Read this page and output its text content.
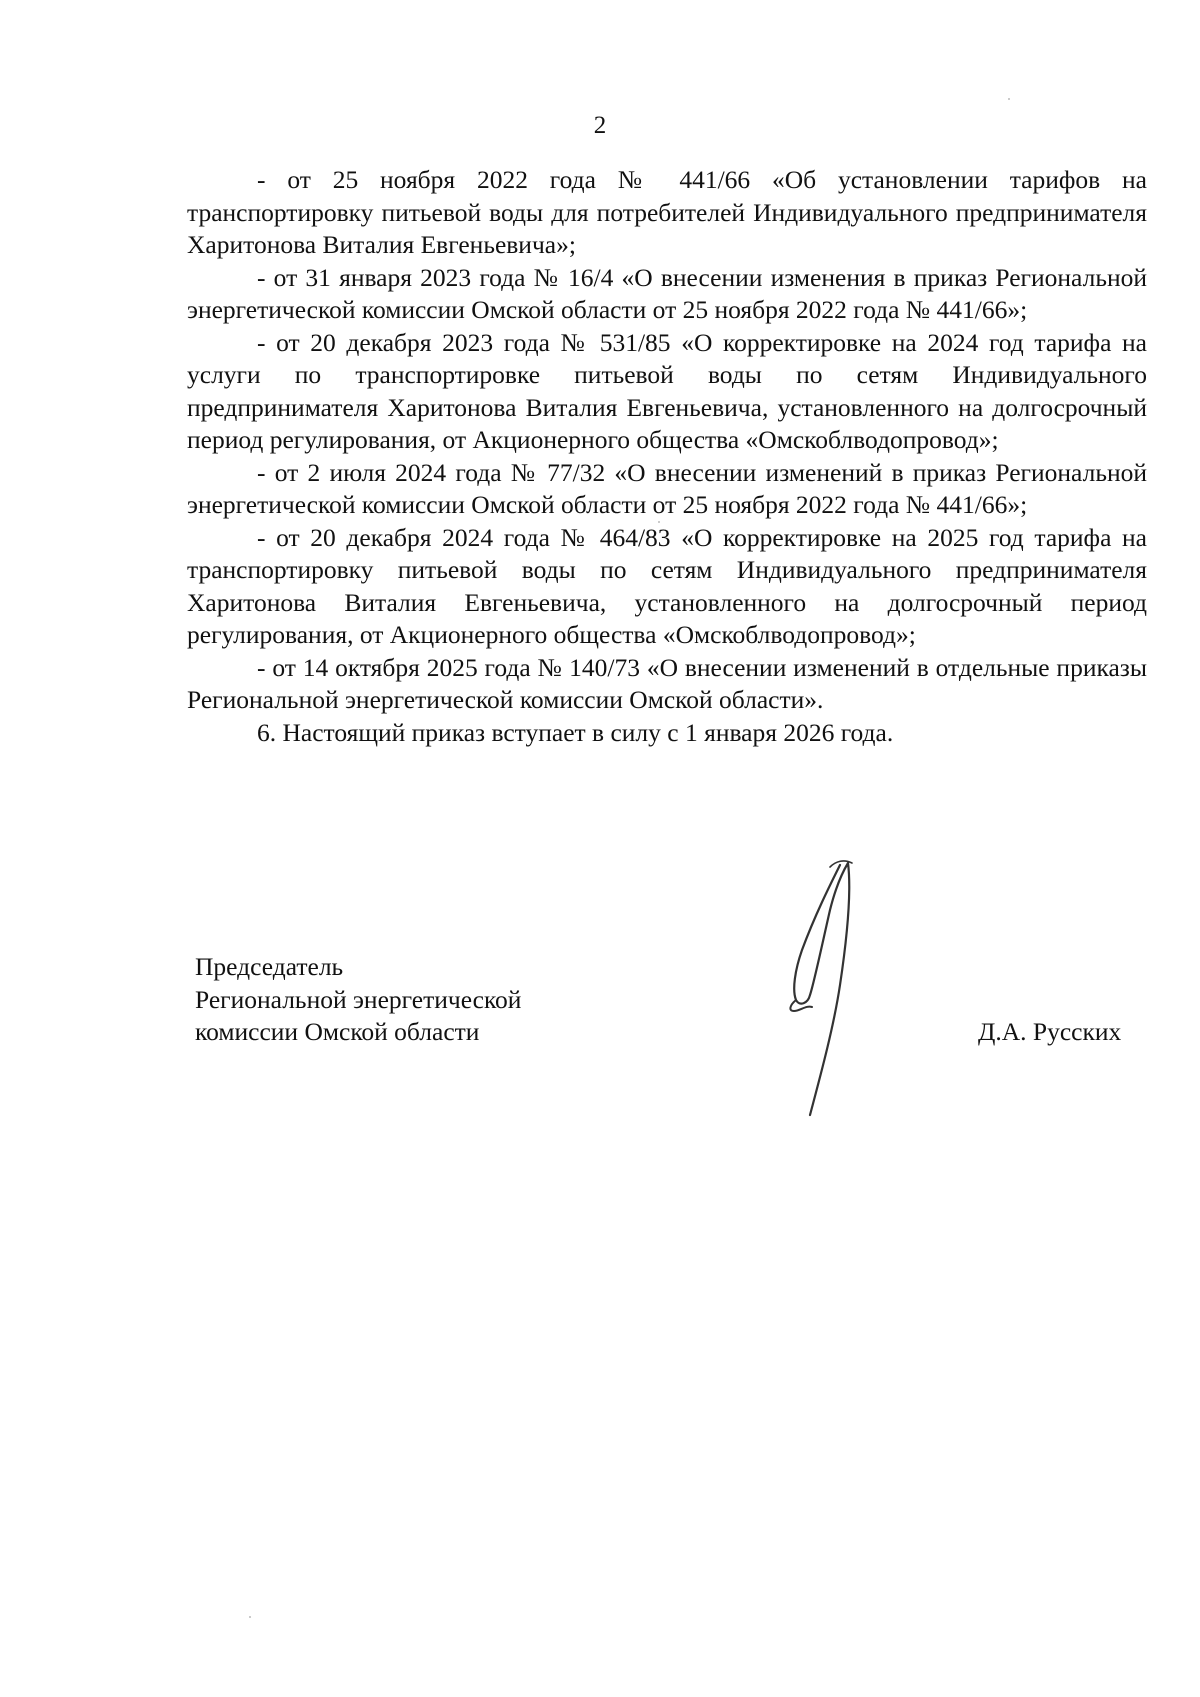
2

- от 25 ноября 2022 года № 441/66 «Об установлении тарифов на транспортировку питьевой воды для потребителей Индивидуального предпринимателя Харитонова Виталия Евгеньевича»;

- от 31 января 2023 года № 16/4 «О внесении изменения в приказ Региональной энергетической комиссии Омской области от 25 ноября 2022 года № 441/66»;

- от 20 декабря 2023 года № 531/85 «О корректировке на 2024 год тарифа на услуги по транспортировке питьевой воды по сетям Индивидуального предпринимателя Харитонова Виталия Евгеньевича, установленного на долгосрочный период регулирования, от Акционерного общества «Омскоблводопровод»;

- от 2 июля 2024 года № 77/32 «О внесении изменений в приказ Региональной энергетической комиссии Омской области от 25 ноября 2022 года № 441/66»;

- от 20 декабря 2024 года № 464/83 «О корректировке на 2025 год тарифа на транспортировку питьевой воды по сетям Индивидуального предпринимателя Харитонова Виталия Евгеньевича, установленного на долгосрочный период регулирования, от Акционерного общества «Омскоблводопровод»;

- от 14 октября 2025 года № 140/73 «О внесении изменений в отдельные приказы Региональной энергетической комиссии Омской области».

6. Настоящий приказ вступает в силу с 1 января 2026 года.

Председатель
Региональной энергетической
комиссии Омской области	Д.А. Русских
